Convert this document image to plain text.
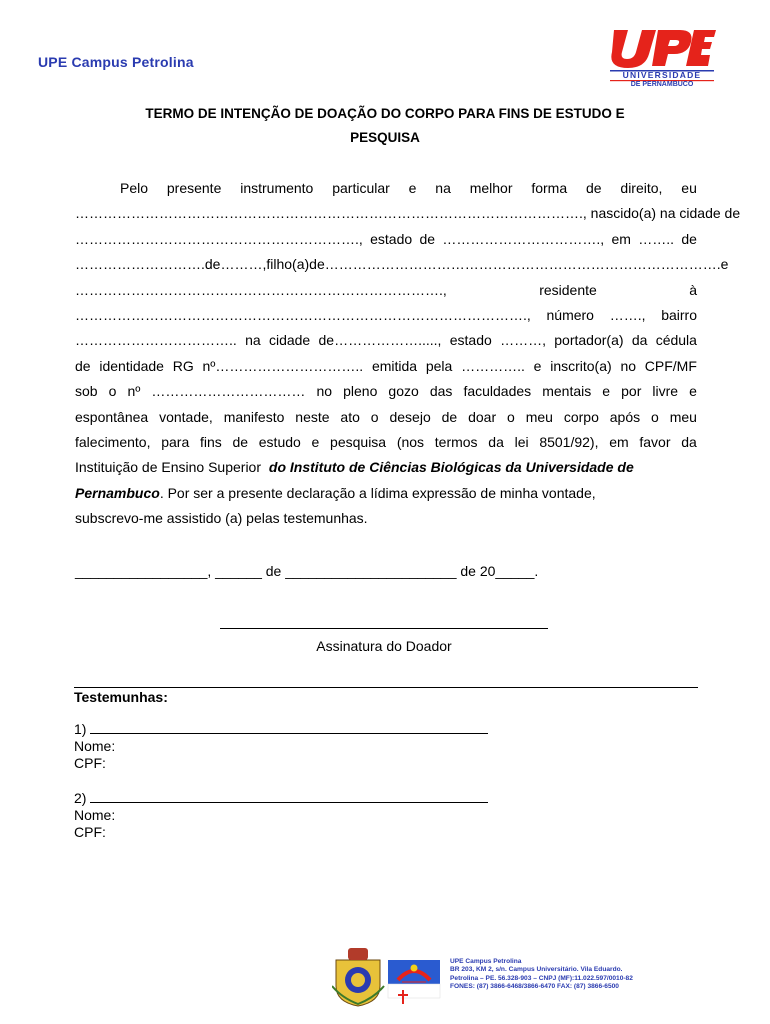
UPE Campus Petrolina
UNIVERSIDADE
DE PERNAMBUCO
TERMO DE INTENÇÃO DE DOAÇÃO DO CORPO PARA FINS DE ESTUDO E
PESQUISA
Pelo presente instrumento particular e na melhor forma de direito, eu
………………………………………………………………………………………………., nascido(a) na cidade de
……………………………………………………., estado de ……………………………., em …….. de
………………………. de ………, filho (a) de …………………………………………………………………………. e
…………………………………………………………………….,	residente	à
……………………………………………………………………………………., número ……., bairro
…………………………….. na cidade de………………....., estado ………, portador(a) da cédula
de identidade RG nº………………………….. emitida pela ………….. e inscrito(a) no CPF/MF
sob o nº …………………………… no pleno gozo das faculdades mentais e por livre e
espontânea vontade, manifesto neste ato o desejo de doar o meu corpo após o meu
falecimento, para fins de estudo e pesquisa (nos termos da lei 8501/92), em favor da
Instituição de Ensino Superior do Instituto de Ciências Biológicas da Universidade de
Pernambuco . Por ser a presente declaração a lídima expressão de minha vontade,
subscrevo-me assistido (a) pelas testemunhas.
_________________, ______ de ______________________ de 20_____.
Assinatura do Doador
Testemunhas:
1)
Nome:
CPF:
2)
Nome:
CPF:
UPE Campus Petrolina
BR 203, KM 2, s/n. Campus Universitário. Vila Eduardo.
Petrolina – PE. 56.328-903 – CNPJ (MF):11.022.597/0010-82
FONES: (87) 3866-6468/3866-6470 FAX: (87) 3866-6500
